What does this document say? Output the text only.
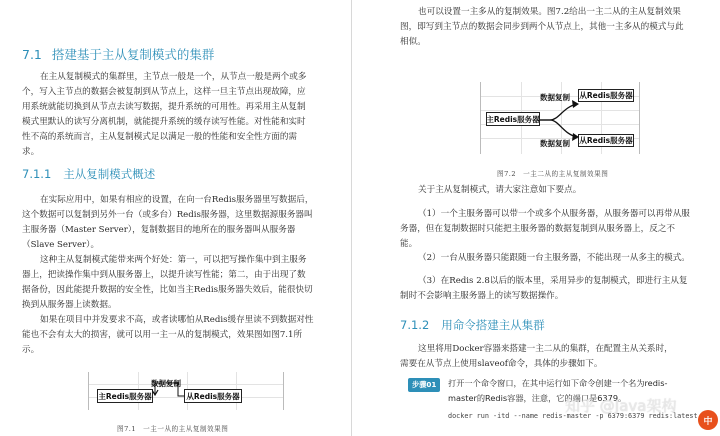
7.1 搭建基于主从复制模式的集群
在主从复制模式的集群里，主节点一般是一个，从节点一般是两个或多
个，写入主节点的数据会被复制到从节点上，这样一旦主节点出现故障，应
用系统就能切换到从节点去读写数据，提升系统的可用性。再采用主从复制
模式里默认的读写分离机制，就能提升系统的缓存读写性能。对性能和实时
性不高的系统而言，主从复制模式足以满足一般的性能和安全性方面的需
求。
7.1.1 主从复制模式概述
在实际应用中，如果有相应的设置，在向一台Redis服务器里写数据后，
这个数据可以复制到另外一台（或多台）Redis服务器，这里数据源服务器叫
主服务器（Master Server），复制数据目的地所在的服务器叫从服务器
（Slave Server）。
这种主从复制模式能带来两个好处：第一，可以把写操作集中到主服务
器上，把读操作集中到从服务器上，以提升读写性能；第二，由于出现了数
据备份，因此能提升数据的安全性，比如当主Redis服务器失效后，能很快切
换到从服务器上读数据。
如果在项目中并发要求不高，或者读哪怕从Redis缓存里读不到数据对性
能也不会有太大的损害，就可以用一主一从的复制模式，效果图如图7.1所
示。
数据复制
主Redis服务器	从Redis服务器
图7.1　一主一从的主从复制效果图
也可以设置一主多从的复制效果。图7.2给出一主二从的主从复制效果
图，即写到主节点的数据会同步到两个从节点上，其他一主多从的模式与此
相似。
数据复制 从Redis服务器
主Redis服务器
数据复制 从Redis服务器
图7.2　一主二从的主从复制效果图
关于主从复制模式，请大家注意如下要点。
（1）一个主服务器可以带一个或多个从服务器，从服务器可以再带从服
务器，但在复制数据时只能把主服务器的数据复制到从服务器上，反之不
能。
（2）一台从服务器只能跟随一台主服务器，不能出现一从多主的模式。
（3）在Redis 2.8以后的版本里，采用异步的复制模式，即进行主从复
制时不会影响主服务器上的读写数据操作。
7.1.2 用命令搭建主从集群
这里将用Docker容器来搭建一主二从的集群，在配置主从关系时，
需要在从节点上使用slaveof命令，具体的步骤如下。
步骤01	打开一个命令窗口，在其中运行如下命令创建一个名为redis-
master的Redis容器，注意，它的端口是6379。
docker run -itd --name redis-master -p 6379:6379 redis:latest
知乎 @Java架构
中
